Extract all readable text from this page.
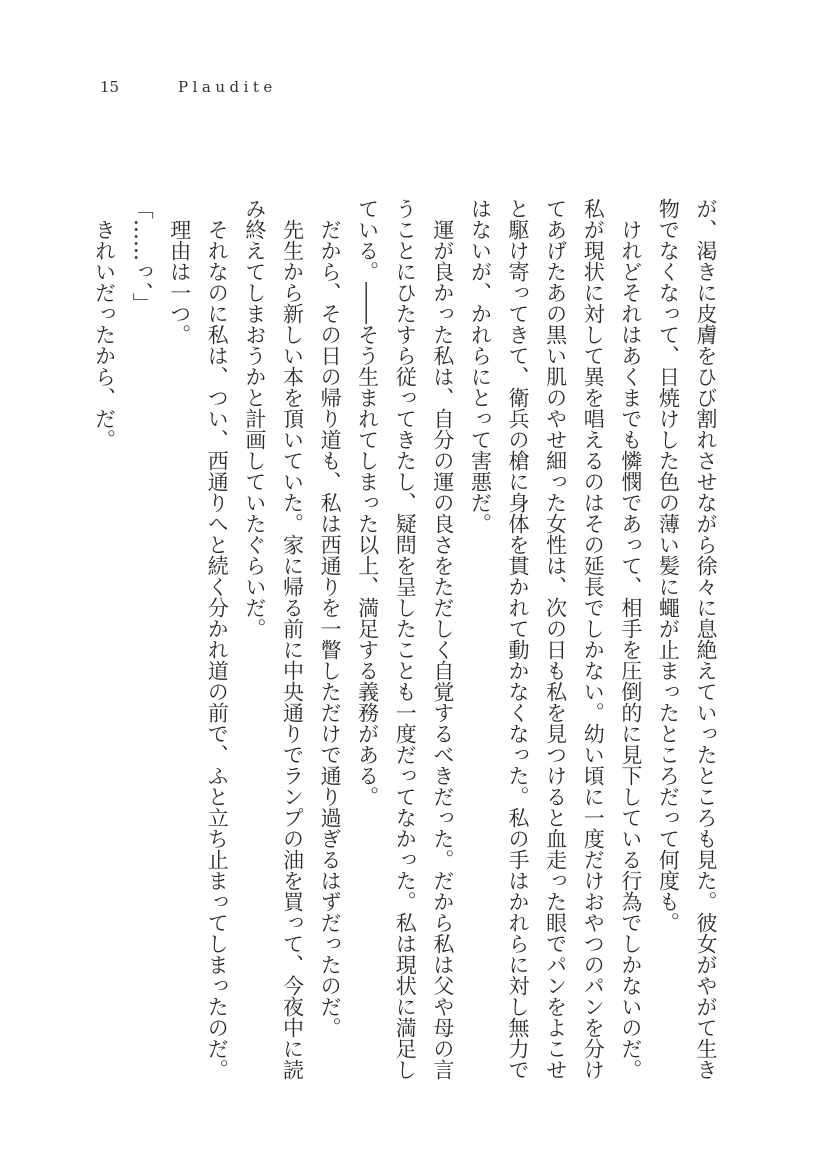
15	Plaudite
が、渇きに皮膚をひび割れさせながら徐々に息絶えていったところも見た。彼女がやがて生き
物でなくなって、日焼けした色の薄い髪に蠅が止まったところだって何度も。
　けれどそれはあくまでも憐憫であって、相手を圧倒的に見下している行為でしかないのだ。
私が現状に対して異を唱えるのはその延長でしかない。幼い頃に一度だけおやつのパンを分け
てあげたあの黒い肌のやせ細った女性は、次の日も私を見つけると血走った眼でパンをよこせ
と駆け寄ってきて、衛兵の槍に身体を貫かれて動かなくなった。私の手はかれらに対し無力で
はないが、かれらにとって害悪だ。
　運が良かった私は、自分の運の良さをただしく自覚するべきだった。だから私は父や母の言
うことにひたすら従ってきたし、疑問を呈したことも一度だってなかった。私は現状に満足し
ている。――そう生まれてしまった以上、満足する義務がある。
　だから、その日の帰り道も、私は西通りを一瞥しただけで通り過ぎるはずだったのだ。
　先生から新しい本を頂いていた。家に帰る前に中央通りでランプの油を買って、今夜中に読
み終えてしまおうかと計画していたぐらいだ。
　それなのに私は、つい、西通りへと続く分かれ道の前で、ふと立ち止まってしまったのだ。
　理由は一つ。
「……っ、」
　きれいだったから、だ。
